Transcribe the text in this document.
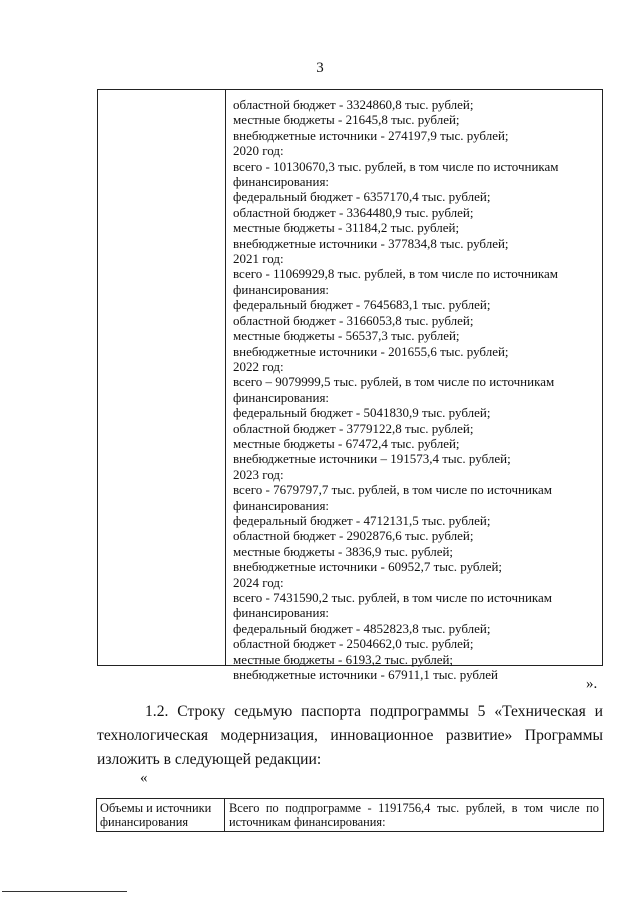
3
областной бюджет - 3324860,8 тыс. рублей;
местные бюджеты - 21645,8 тыс. рублей;
внебюджетные источники - 274197,9 тыс. рублей;
2020 год:
всего - 10130670,3 тыс. рублей, в том числе по источникам
финансирования:
федеральный бюджет - 6357170,4 тыс. рублей;
областной бюджет - 3364480,9 тыс. рублей;
местные бюджеты - 31184,2 тыс. рублей;
внебюджетные источники - 377834,8 тыс. рублей;
2021 год:
всего - 11069929,8 тыс. рублей, в том числе по источникам
финансирования:
федеральный бюджет - 7645683,1 тыс. рублей;
областной бюджет - 3166053,8 тыс. рублей;
местные бюджеты - 56537,3 тыс. рублей;
внебюджетные источники - 201655,6 тыс. рублей;
2022 год:
всего – 9079999,5 тыс. рублей, в том числе по источникам
финансирования:
федеральный бюджет - 5041830,9 тыс. рублей;
областной бюджет - 3779122,8 тыс. рублей;
местные бюджеты - 67472,4 тыс. рублей;
внебюджетные источники – 191573,4 тыс. рублей;
2023 год:
всего - 7679797,7 тыс. рублей, в том числе по источникам
финансирования:
федеральный бюджет - 4712131,5 тыс. рублей;
областной бюджет - 2902876,6 тыс. рублей;
местные бюджеты - 3836,9 тыс. рублей;
внебюджетные источники - 60952,7 тыс. рублей;
2024 год:
всего - 7431590,2 тыс. рублей, в том числе по источникам
финансирования:
федеральный бюджет - 4852823,8 тыс. рублей;
областной бюджет - 2504662,0 тыс. рублей;
местные бюджеты - 6193,2 тыс. рублей;
внебюджетные источники - 67911,1 тыс. рублей
».
1.2. Строку седьмую паспорта подпрограммы 5 «Техническая и
технологическая модернизация, инновационное развитие» Программы
изложить в следующей редакции:
«
Объемы и источники
финансирования
Всего по подпрограмме - 1191756,4 тыс. рублей, в том числе по
источникам финансирования:
